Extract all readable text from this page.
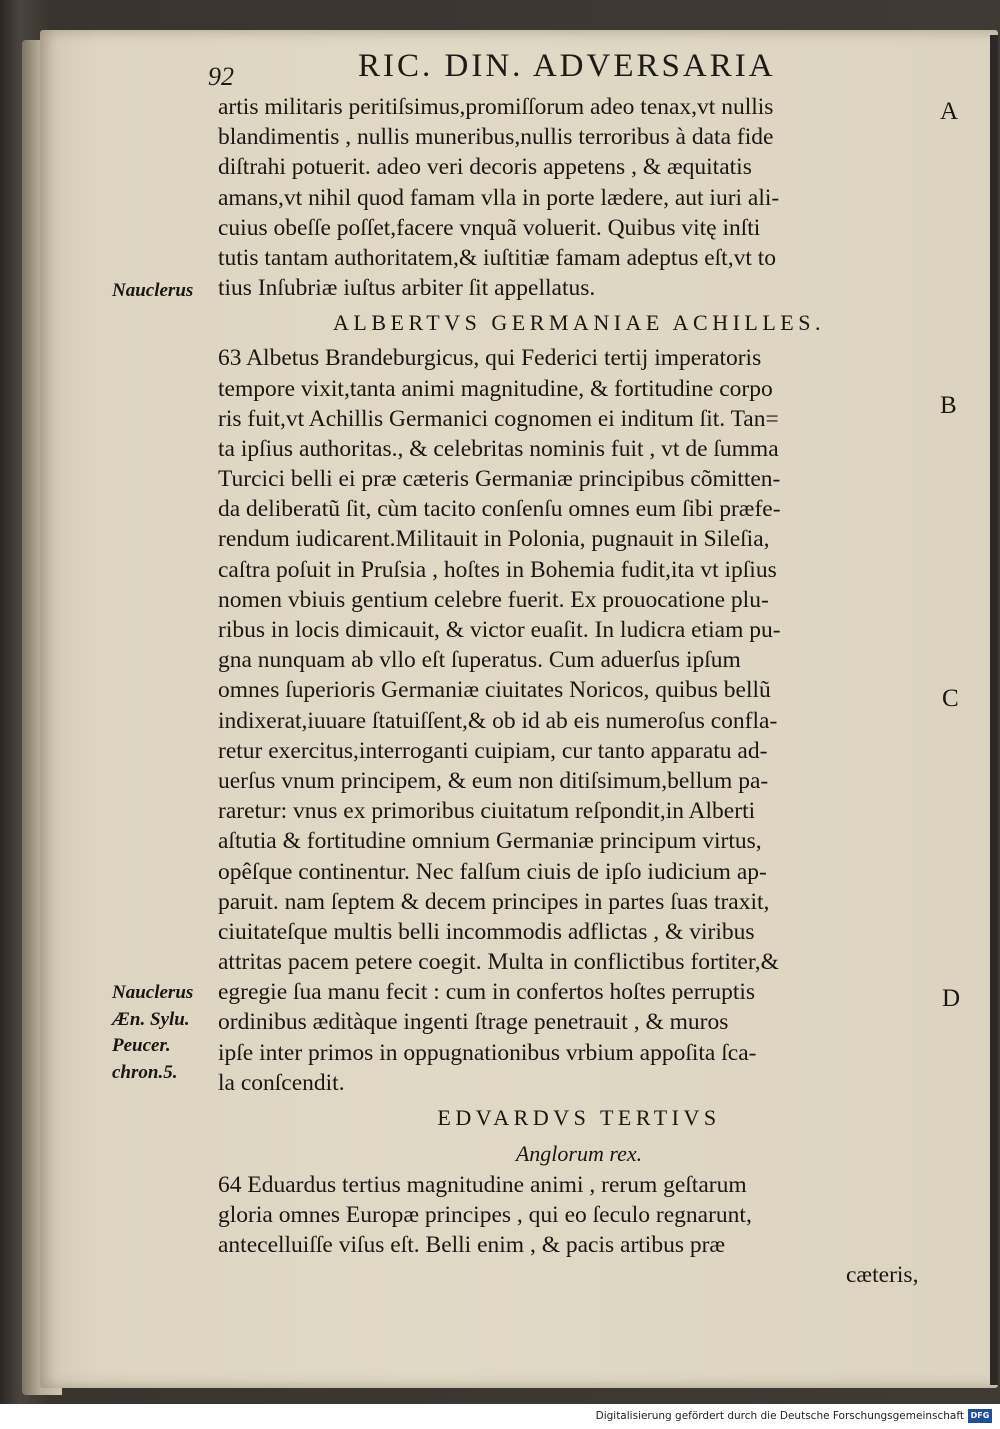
92	RIC. DIN. ADVERSARIA
artis militaris peritiſsimus,promiſſorum adeo tenax,vt nullis
blandimentis , nullis muneribus,nullis terroribus à data fide
diſtrahi potuerit. adeo veri decoris appetens , & æquitatis
amans,vt nihil quod famam vlla in porte lædere, aut iuri ali-
cuius obeſſe poſſet,facere vnquã voluerit. Quibus vitę inſti
tutis tantam authoritatem,& iuſtitiæ famam adeptus eſt,vt to
tius Inſubriæ iuſtus arbiter ſit appellatus.
ALBERTVS GERMANIAE ACHILLES.
63 Albetus Brandeburgicus, qui Federici tertij imperatoris
tempore vixit,tanta animi magnitudine, & fortitudine corpo
ris fuit,vt Achillis Germanici cognomen ei inditum ſit. Tan=
ta ipſius authoritas., & celebritas nominis fuit , vt de ſumma
Turcici belli ei præ cæteris Germaniæ principibus cõmitten-
da deliberatũ ſit, cùm tacito conſenſu omnes eum ſibi præfe-
rendum iudicarent.Militauit in Polonia, pugnauit in Sileſia,
caſtra poſuit in Pruſsia , hoſtes in Bohemia fudit,ita vt ipſius
nomen vbiuis gentium celebre fuerit. Ex prouocatione plu-
ribus in locis dimicauit, & victor euaſit. In ludicra etiam pu-
gna nunquam ab vllo eſt ſuperatus. Cum aduerſus ipſum
omnes ſuperioris Germaniæ ciuitates Noricos, quibus bellũ
indixerat,iuuare ſtatuiſſent,& ob id ab eis numeroſus confla-
retur exercitus,interroganti cuipiam, cur tanto apparatu ad-
uerſus vnum principem, & eum non ditiſsimum,bellum pa-
raretur: vnus ex primoribus ciuitatum reſpondit,in Alberti
aſtutia & fortitudine omnium Germaniæ principum virtus,
opêſque continentur. Nec falſum ciuis de ipſo iudicium ap-
paruit. nam ſeptem & decem principes in partes ſuas traxit,
ciuitateſque multis belli incommodis adflictas , & viribus
attritas pacem petere coegit. Multa in conflictibus fortiter,&
egregie ſua manu fecit : cum in confertos hoſtes perruptis
ordinibus æditàque ingenti ſtrage penetrauit , & muros
ipſe inter primos in oppugnationibus vrbium appoſita ſca-
la conſcendit.
EDVARDVS TERTIVS
Anglorum rex.
64 Eduardus tertius magnitudine animi , rerum geſtarum
gloria omnes Europæ principes , qui eo ſeculo regnarunt,
antecelluiſſe viſus eſt. Belli enim , & pacis artibus præ
cæteris,
Nauclerus
Nauclerus
Æn. Sylu.
Peucer.
chron.5.
A
B
C
D
Digitalisierung gefördert durch die Deutsche Forschungsgemeinschaft DFG
